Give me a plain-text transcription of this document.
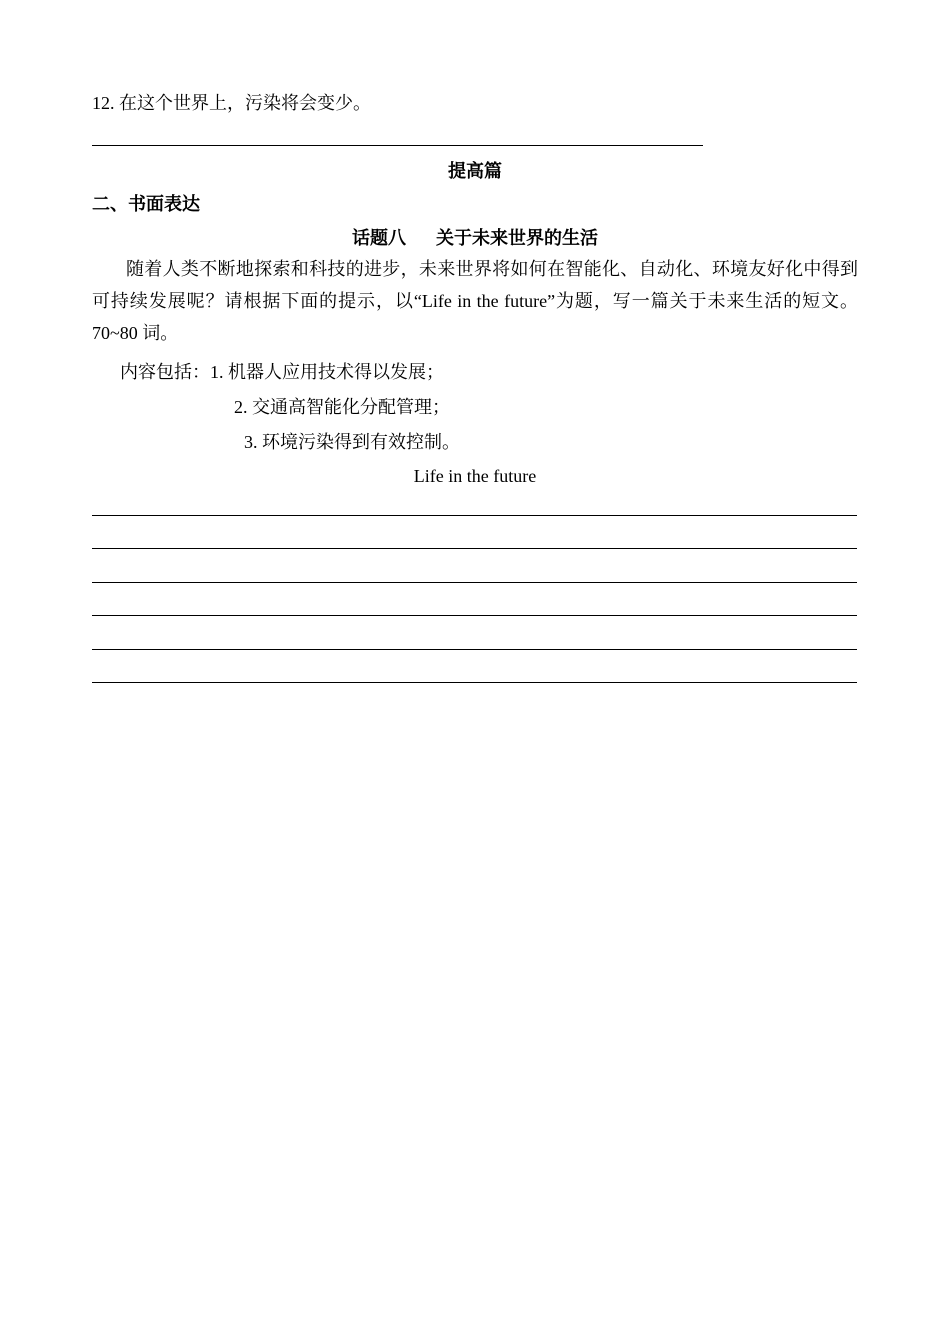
12. 在这个世界上，污染将会变少。
提高篇
二、书面表达
话题八 关于未来世界的生活
随着人类不断地探索和科技的进步，未来世界将如何在智能化、自动化、环境友好化中得到可持续发展呢？请根据下面的提示，以“Life in the future”为题，写一篇关于未来生活的短文。70~80 词。
内容包括：1. 机器人应用技术得以发展；
2. 交通高智能化分配管理；
3. 环境污染得到有效控制。
Life in the future
